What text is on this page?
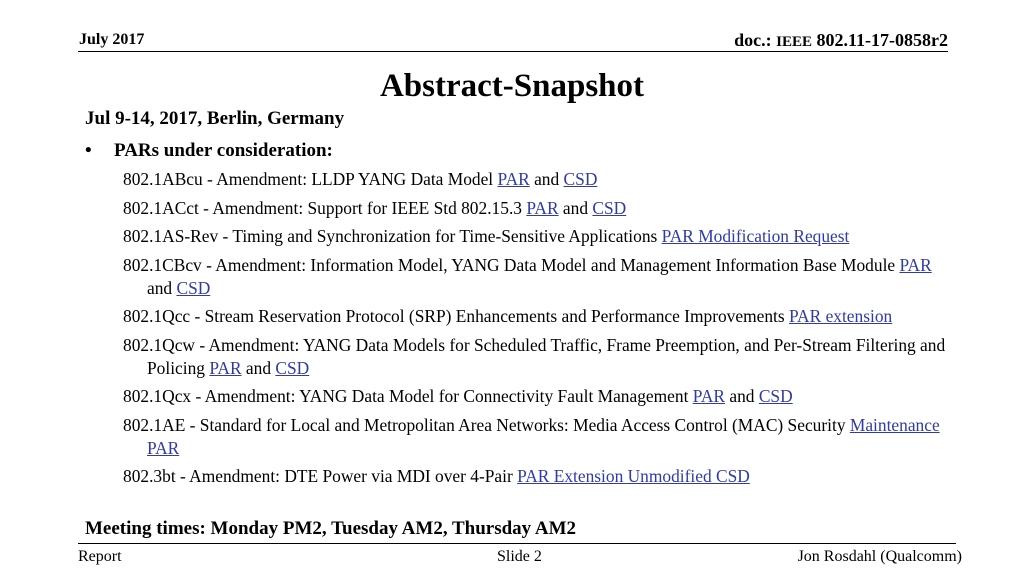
July 2017	doc.: IEEE 802.11-17-0858r2
Abstract-Snapshot
Jul 9-14, 2017, Berlin, Germany
• PARs under consideration:
802.1ABcu - Amendment: LLDP YANG Data Model PAR and CSD
802.1ACct - Amendment: Support for IEEE Std 802.15.3 PAR and CSD
802.1AS-Rev - Timing and Synchronization for Time-Sensitive Applications PAR Modification Request
802.1CBcv - Amendment: Information Model, YANG Data Model and Management Information Base Module PAR and CSD
802.1Qcc - Stream Reservation Protocol (SRP) Enhancements and Performance Improvements PAR extension
802.1Qcw - Amendment: YANG Data Models for Scheduled Traffic, Frame Preemption, and Per-Stream Filtering and Policing PAR and CSD
802.1Qcx - Amendment: YANG Data Model for Connectivity Fault Management PAR and CSD
802.1AE - Standard for Local and Metropolitan Area Networks: Media Access Control (MAC) Security Maintenance PAR
802.3bt - Amendment: DTE Power via MDI over 4-Pair PAR Extension Unmodified CSD
Meeting times: Monday PM2, Tuesday AM2, Thursday AM2
Report	Slide 2	Jon Rosdahl (Qualcomm)
